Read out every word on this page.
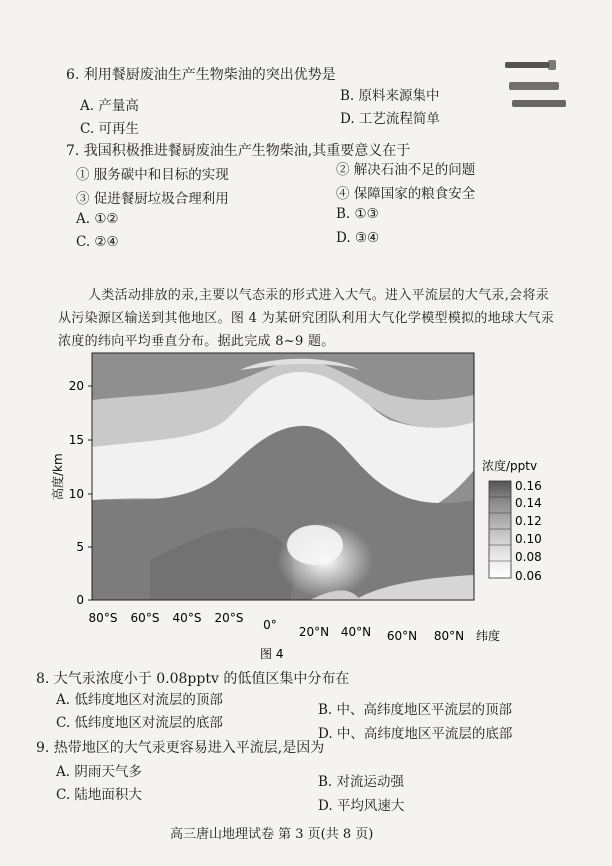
6. 利用餐厨废油生产生物柴油的突出优势是
A. 产量高
B. 原料来源集中
C. 可再生
D. 工艺流程简单
7. 我国积极推进餐厨废油生产生物柴油,其重要意义在于
① 服务碳中和目标的实现	② 解决石油不足的问题
③ 促进餐厨垃圾合理利用	④ 保障国家的粮食安全
A. ①②	B. ①③
C. ②④	D. ③④
人类活动排放的汞,主要以气态汞的形式进入大气。进入平流层的大气汞,会将汞
从污染源区输送到其他地区。图 4 为某研究团队利用大气化学模型模拟的地球大气汞
浓度的纬向平均垂直分布。据此完成 8~9 题。
20
15
10
5
0
高度/km
80°S 60°S 40°S 20°S 0° 20°N 40°N 60°N 80°N 纬度
浓度/pptv
0.16
0.14
0.12
0.10
0.08
0.06
图 4
8. 大气汞浓度小于 0.08pptv 的低值区集中分布在
A. 低纬度地区对流层的顶部
B. 中、高纬度地区平流层的顶部
C. 低纬度地区对流层的底部
D. 中、高纬度地区平流层的底部
9. 热带地区的大气汞更容易进入平流层,是因为
A. 阴雨天气多
B. 对流运动强
C. 陆地面积大
D. 平均风速大
高三唐山地理试卷 第 3 页(共 8 页)
